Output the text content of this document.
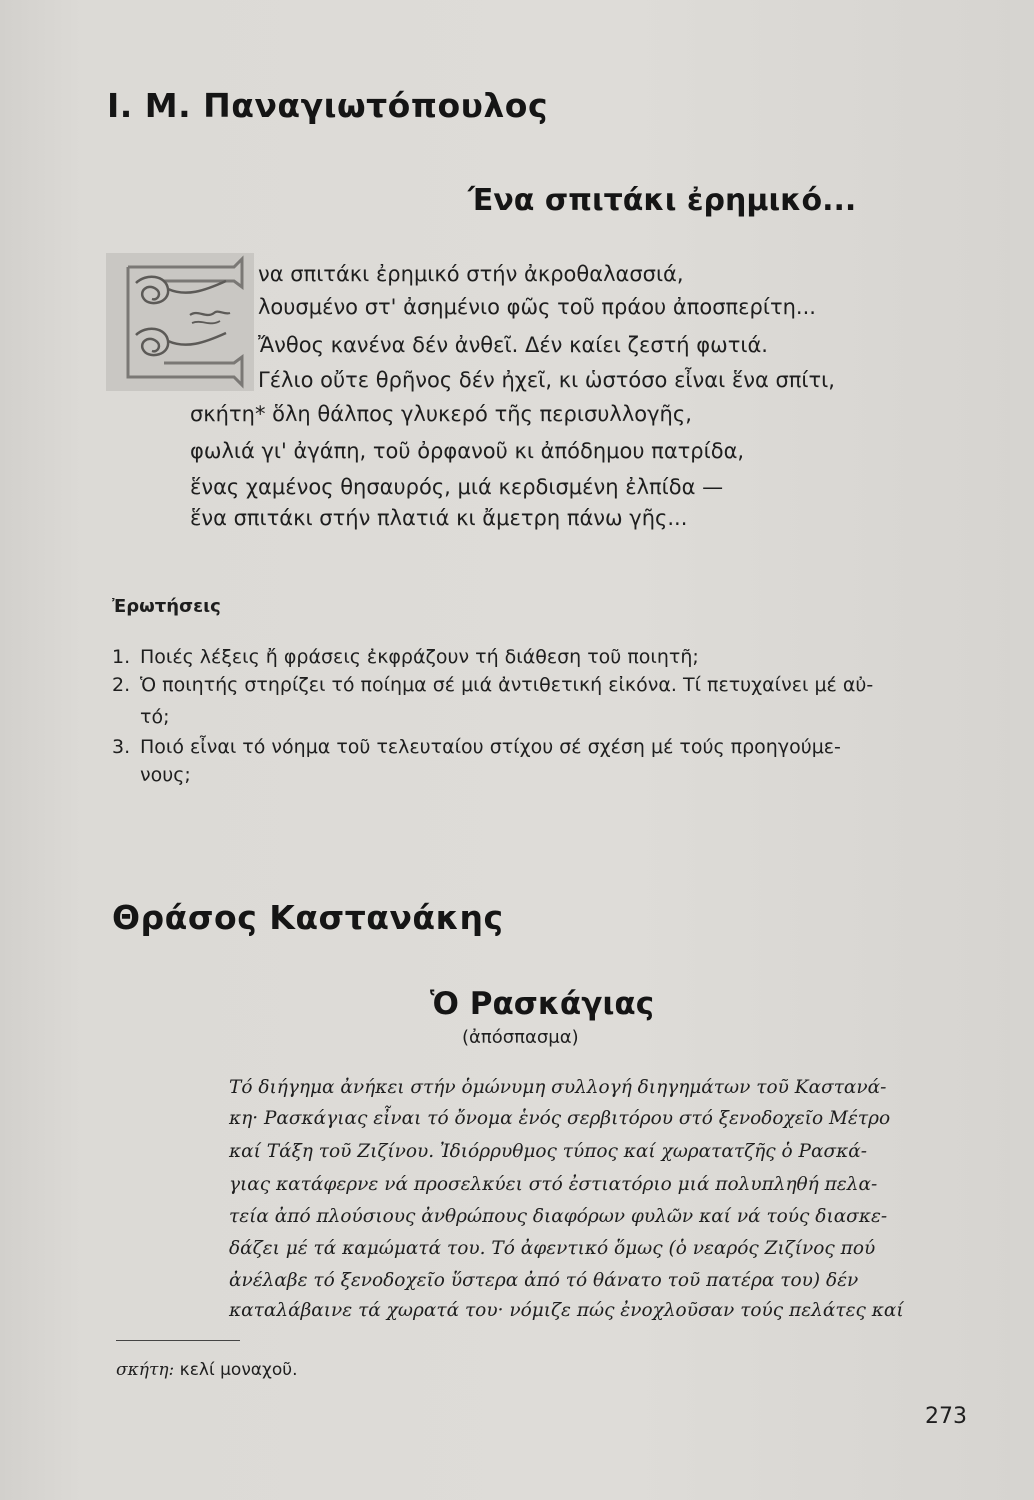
Ι. Μ. Παναγιωτόπουλος
Ένα σπιτάκι ἐρημικό...
να σπιτάκι ἐρημικό στήν ἀκροθαλασσιά,
λουσμένο στ' ἀσημένιο φῶς τοῦ πράου ἀποσπερίτη...
Ἄνθος κανένα δέν ἀνθεῖ. Δέν καίει ζεστή φωτιά.
Γέλιο οὔτε θρῆνος δέν ἠχεῖ, κι ὡστόσο εἶναι ἕνα σπίτι,
σκήτη* ὅλη θάλπος γλυκερό τῆς περισυλλογῆς,
φωλιά γι' ἀγάπη, τοῦ ὀρφανοῦ κι ἀπόδημου πατρίδα,
ἕνας χαμένος θησαυρός, μιά κερδισμένη ἐλπίδα —
ἕνα σπιτάκι στήν πλατιά κι ἄμετρη πάνω γῆς...
Ἐρωτήσεις
1. Ποιές λέξεις ἤ φράσεις ἐκφράζουν τή διάθεση τοῦ ποιητῆ;
2. Ὁ ποιητής στηρίζει τό ποίημα σέ μιά ἀντιθετική εἰκόνα. Τί πετυχαίνει μέ αὐ-
τό;
3. Ποιό εἶναι τό νόημα τοῦ τελευταίου στίχου σέ σχέση μέ τούς προηγούμε-
νους;
Θράσος Καστανάκης
Ὁ Ρασκάγιας
(ἀπόσπασμα)
Τό διήγημα ἀνήκει στήν ὁμώνυμη συλλογή διηγημάτων τοῦ Καστανά-
κη· Ρασκάγιας εἶναι τό ὄνομα ἑνός σερβιτόρου στό ξενοδοχεῖο Μέτρο
καί Τάξη τοῦ Ζιζίνου. Ἰδιόρρυθμος τύπος καί χωρατατζῆς ὁ Ρασκά-
γιας κατάφερνε νά προσελκύει στό ἐστιατόριο μιά πολυπληθή πελα-
τεία ἀπό πλούσιους ἀνθρώπους διαφόρων φυλῶν καί νά τούς διασκε-
δάζει μέ τά καμώματά του. Τό ἀφεντικό ὅμως (ὁ νεαρός Ζιζίνος πού
ἀνέλαβε τό ξενοδοχεῖο ὕστερα ἀπό τό θάνατο τοῦ πατέρα του) δέν
καταλάβαινε τά χωρατά του· νόμιζε πώς ἐνοχλοῦσαν τούς πελάτες καί
σκήτη: κελί μοναχοῦ.
273
